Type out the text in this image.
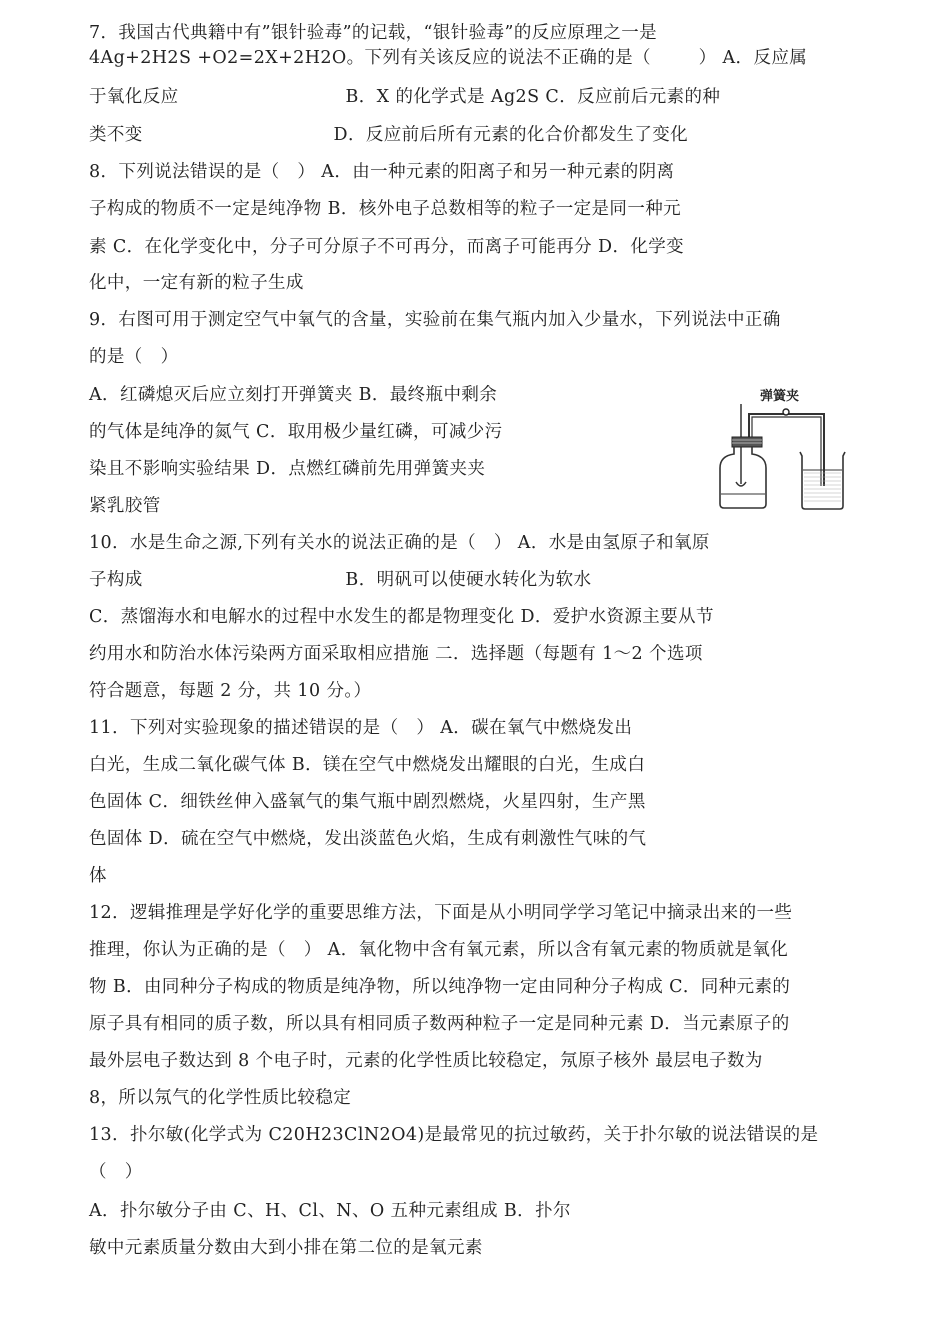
7．我国古代典籍中有”银针验毒”的记载，“银针验毒”的反应原理之一是
4Ag+2H2S +O2=2X+2H2O。下列有关该反应的说法不正确的是（        ） A．反应属
于氧化反应                            B．X 的化学式是 Ag2S C．反应前后元素的种
类不变                                D．反应前后所有元素的化合价都发生了变化
8．下列说法错误的是（   ） A．由一种元素的阳离子和另一种元素的阴离
子构成的物质不一定是纯净物 B．核外电子总数相等的粒子一定是同一种元
素 C．在化学变化中，分子可分原子不可再分，而离子可能再分 D．化学变
化中，一定有新的粒子生成
9．右图可用于测定空气中氧气的含量，实验前在集气瓶内加入少量水，下列说法中正确
的是（   ）
A．红磷熄灭后应立刻打开弹簧夹 B．最终瓶中剩余
的气体是纯净的氮气 C．取用极少量红磷，可减少污
染且不影响实验结果 D．点燃红磷前先用弹簧夹夹
紧乳胶管
10．水是生命之源,下列有关水的说法正确的是（   ） A．水是由氢原子和氧原
子构成                                  B．明矾可以使硬水转化为软水
C．蒸馏海水和电解水的过程中水发生的都是物理变化 D．爱护水资源主要从节
约用水和防治水体污染两方面采取相应措施 二．选择题（每题有 1～2 个选项
符合题意，每题 2 分，共 10 分。）
11．下列对实验现象的描述错误的是（   ） A．碳在氧气中燃烧发出
白光，生成二氧化碳气体 B．镁在空气中燃烧发出耀眼的白光，生成白
色固体 C．细铁丝伸入盛氧气的集气瓶中剧烈燃烧，火星四射，生产黑
色固体 D．硫在空气中燃烧，发出淡蓝色火焰，生成有刺激性气味的气
体
12．逻辑推理是学好化学的重要思维方法，下面是从小明同学学习笔记中摘录出来的一些
推理，你认为正确的是（   ） A．氧化物中含有氧元素，所以含有氧元素的物质就是氧化
物 B．由同种分子构成的物质是纯净物，所以纯净物一定由同种分子构成 C．同种元素的
原子具有相同的质子数，所以具有相同质子数两种粒子一定是同种元素 D．当元素原子的
最外层电子数达到 8 个电子时，元素的化学性质比较稳定，氖原子核外 最层电子数为
8，所以氖气的化学性质比较稳定
13．扑尔敏(化学式为 C20H23ClN2O4)是最常见的抗过敏药，关于扑尔敏的说法错误的是
（   ）
A．扑尔敏分子由 C、H、Cl、N、O 五种元素组成 B．扑尔
敏中元素质量分数由大到小排在第二位的是氧元素
弹簧夹
